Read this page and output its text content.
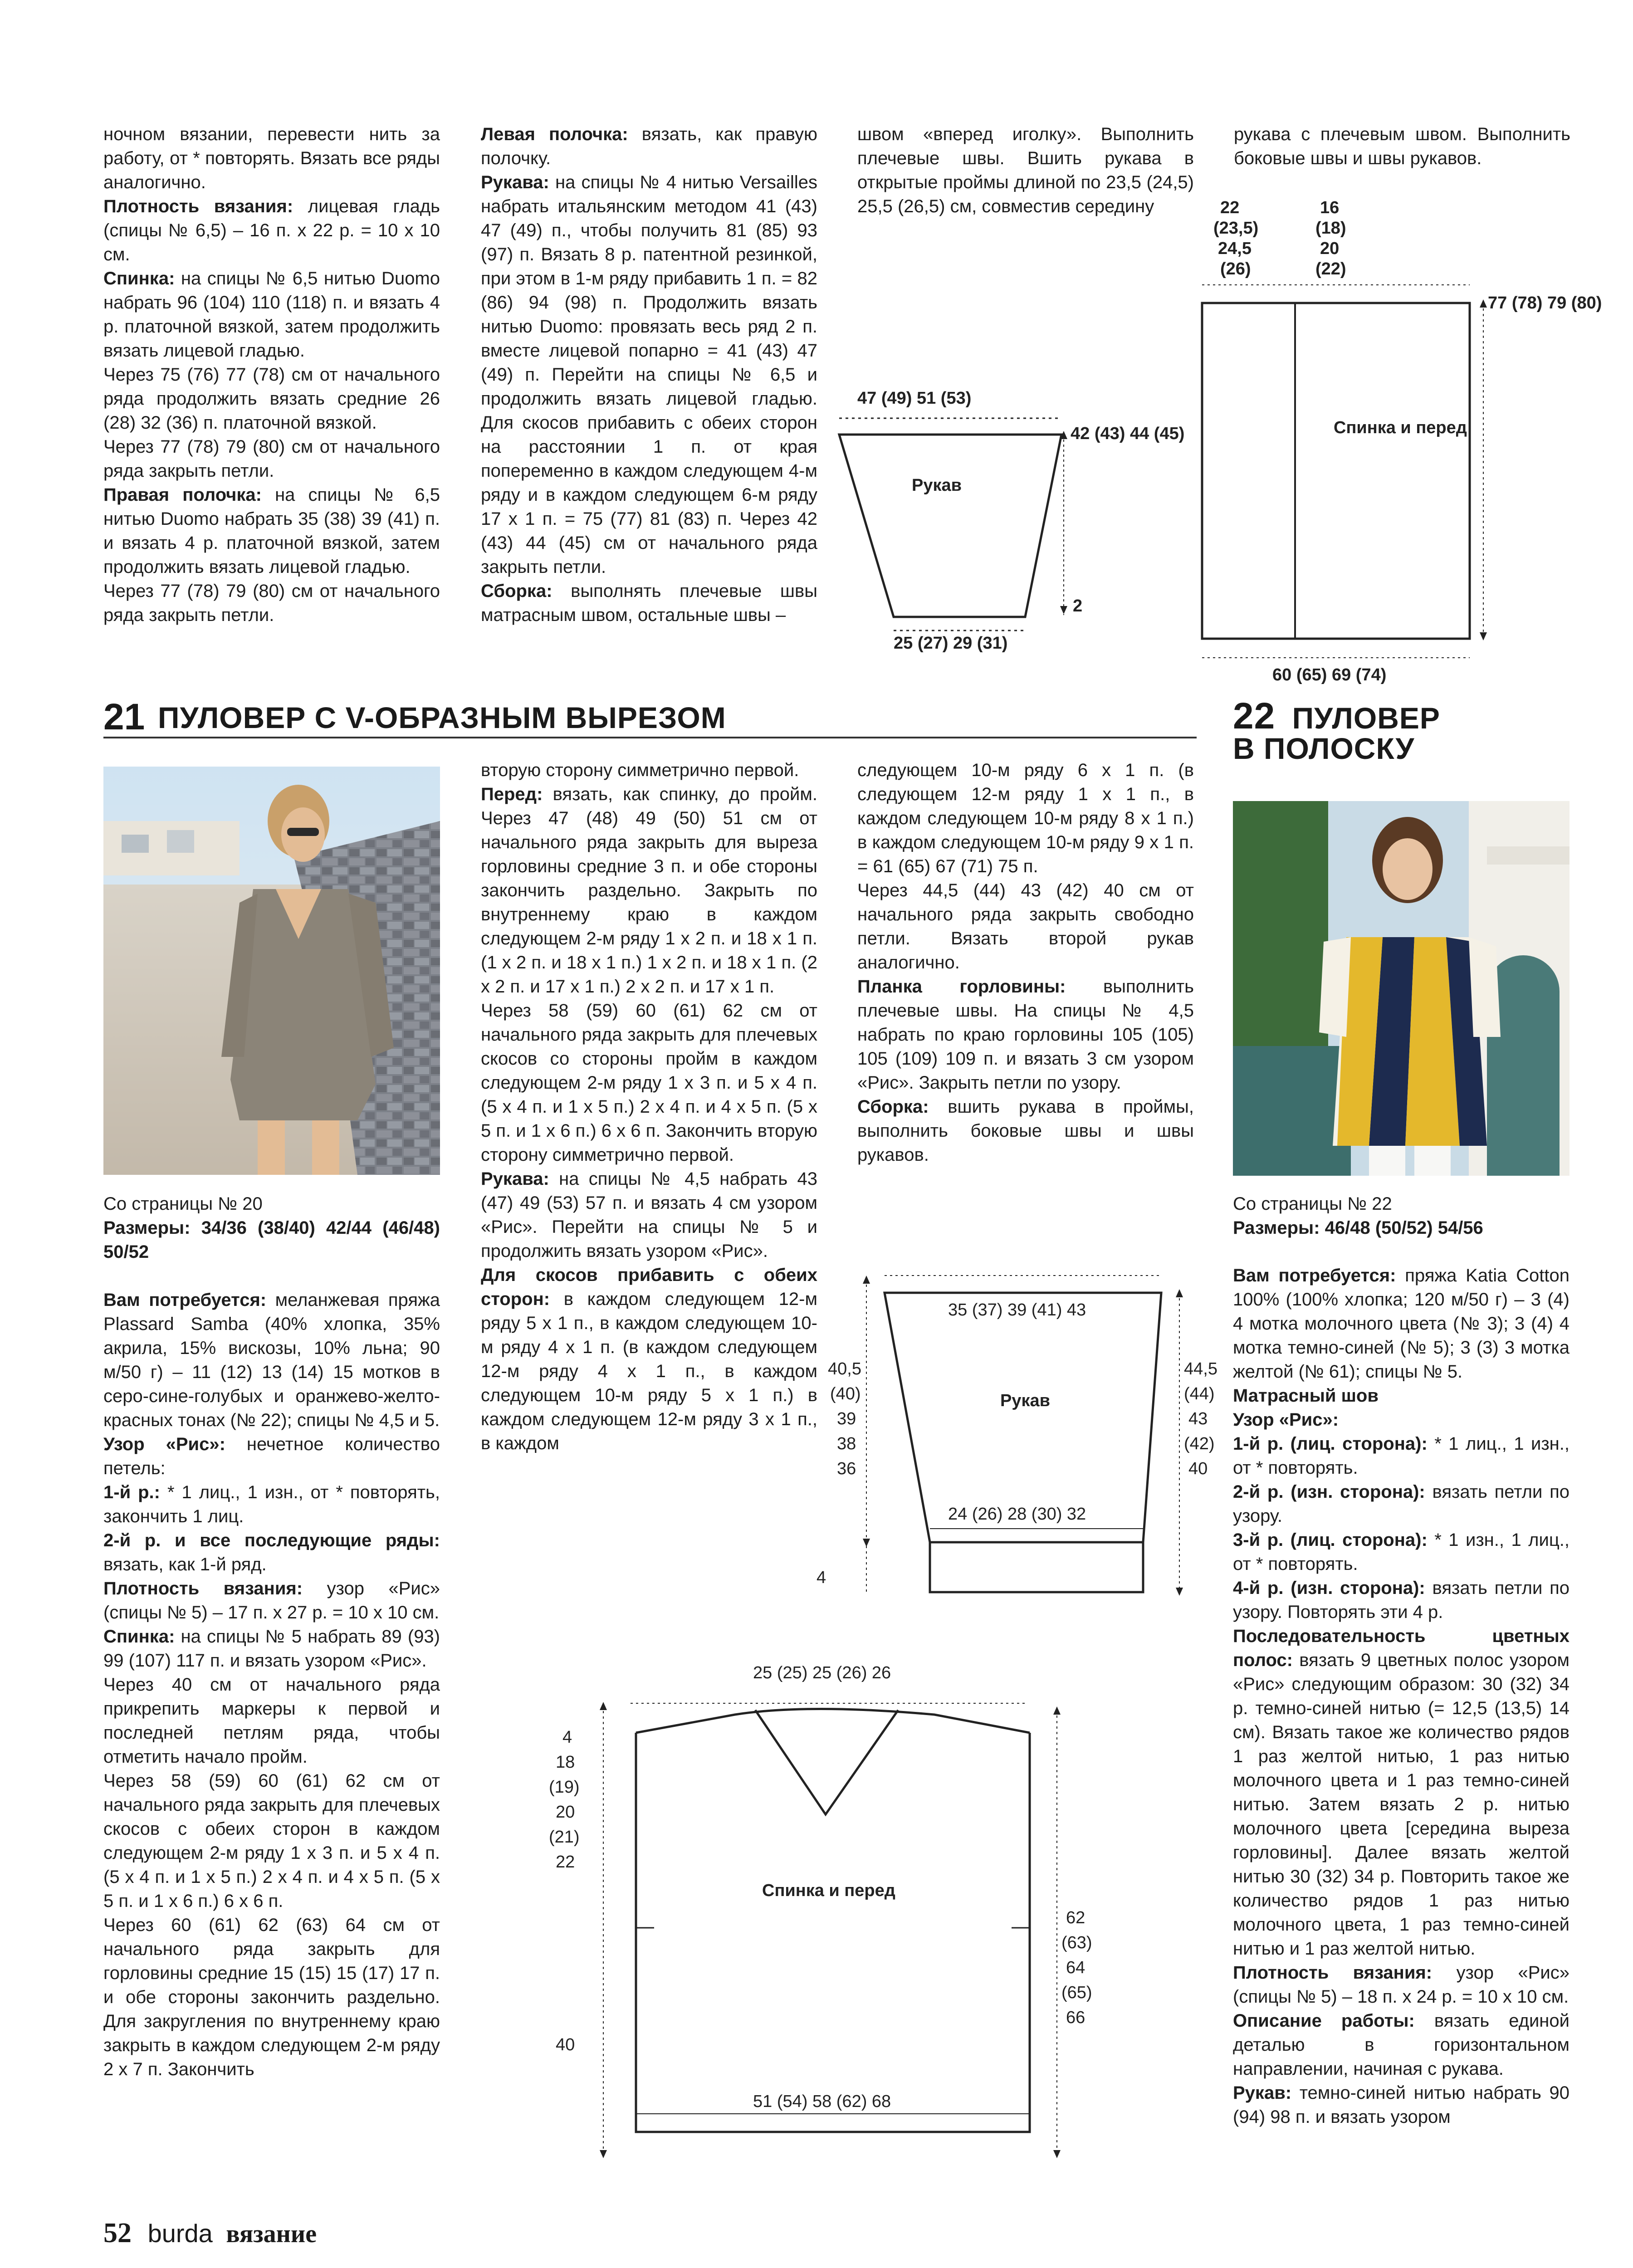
ночном вязании, перевести нить за работу, от * повторять. Вязать все ряды аналогично.

Плотность вязания: лицевая гладь (спицы № 6,5) – 16 п. х 22 р. = 10 х 10 см.

Спинка: на спицы № 6,5 нитью Duomo набрать 96 (104) 110 (118) п. и вязать 4 р. платочной вязкой, затем продолжить вязать лицевой гладью.

Через 75 (76) 77 (78) см от начального ряда продолжить вязать средние 26 (28) 32 (36) п. платочной вязкой.

Через 77 (78) 79 (80) см от начального ряда закрыть петли.

Правая полочка: на спицы № 6,5 нитью Duomo набрать 35 (38) 39 (41) п. и вязать 4 р. платочной вязкой, затем продолжить вязать лицевой гладью.

Через 77 (78) 79 (80) см от начального ряда закрыть петли.

Левая полочка: вязать, как правую полочку.

Рукава: на спицы № 4 нитью Versailles набрать итальянским методом 41 (43) 47 (49) п., чтобы получить 81 (85) 93 (97) п. Вязать 8 р. патентной резинкой, при этом в 1-м ряду прибавить 1 п. = 82 (86) 94 (98) п. Продолжить вязать нитью Duomo: провязать весь ряд 2 п. вместе лицевой попарно = 41 (43) 47 (49) п. Перейти на спицы № 6,5 и продолжить вязать лицевой гладью. Для скосов прибавить с обеих сторон на расстоянии 1 п. от края попеременно в каждом следующем 4-м ряду и в каждом следующем 6-м ряду 17 х 1 п. = 75 (77) 81 (83) п. Через 42 (43) 44 (45) см от начального ряда закрыть петли.

Сборка: выполнять плечевые швы матрасным швом, остальные швы –

швом «вперед иголку». Выполнить плечевые швы. Вшить рукава в открытые проймы длиной по 23,5 (24,5) 25,5 (26,5) см, совместив середину

рукава с плечевым швом. Выполнить боковые швы и швы рукавов.

47 (49) 51 (53)
Рукав
42 (43) 44 (45)
2
25 (27) 29 (31)
22
(23,5)
24,5
(26)
16
(18)
20
(22)
77 (78) 79 (80)
Спинка и перед
60 (65) 69 (74)
21 ПУЛОВЕР С V-ОБРАЗНЫМ ВЫРЕЗОМ	22 ПУЛОВЕР
В ПОЛОСКУ
Со страницы № 20
Размеры: 34/36 (38/40) 42/44 (46/48) 50/52

Вам потребуется: меланжевая пряжа Plassard Samba (40% хлопка, 35% акрила, 15% вискозы, 10% льна; 90 м/50 г) – 11 (12) 13 (14) 15 мотков в серо-сине-голубых и оранжево-желто-красных тонах (№ 22); спицы № 4,5 и 5.

Узор «Рис»: нечетное количество петель:

1-й р.: * 1 лиц., 1 изн., от * повторять, закончить 1 лиц.

2-й р. и все последующие ряды: вязать, как 1-й ряд.

Плотность вязания: узор «Рис» (спицы № 5) – 17 п. х 27 р. = 10 х 10 см.

Спинка: на спицы № 5 набрать 89 (93) 99 (107) 117 п. и вязать узором «Рис».

Через 40 см от начального ряда прикрепить маркеры к первой и последней петлям ряда, чтобы отметить начало пройм.

Через 58 (59) 60 (61) 62 см от начального ряда закрыть для плечевых скосов с обеих сторон в каждом следующем 2-м ряду 1 х 3 п. и 5 х 4 п. (5 х 4 п. и 1 х 5 п.) 2 х 4 п. и 4 х 5 п. (5 х 5 п. и 1 х 6 п.) 6 х 6 п.

Через 60 (61) 62 (63) 64 см от начального ряда закрыть для горловины средние 15 (15) 15 (17) 17 п. и обе стороны закончить раздельно. Для закругления по внутреннему краю закрыть в каждом следующем 2-м ряду 2 х 7 п. Закончить

вторую сторону симметрично первой.

Перед: вязать, как спинку, до пройм. Через 47 (48) 49 (50) 51 см от начального ряда закрыть для выреза горловины средние 3 п. и обе стороны закончить раздельно. Закрыть по внутреннему краю в каждом следующем 2-м ряду 1 х 2 п. и 18 х 1 п. (1 х 2 п. и 18 х 1 п.) 1 х 2 п. и 18 х 1 п. (2 х 2 п. и 17 х 1 п.) 2 х 2 п. и 17 х 1 п.

Через 58 (59) 60 (61) 62 см от начального ряда закрыть для плечевых скосов со стороны пройм в каждом следующем 2-м ряду 1 х 3 п. и 5 х 4 п. (5 х 4 п. и 1 х 5 п.) 2 х 4 п. и 4 х 5 п. (5 х 5 п. и 1 х 6 п.) 6 х 6 п. Закончить вторую сторону симметрично первой.

Рукава: на спицы № 4,5 набрать 43 (47) 49 (53) 57 п. и вязать 4 см узором «Рис». Перейти на спицы № 5 и продолжить вязать узором «Рис».

Для скосов прибавить с обеих сторон: в каждом следующем 12-м ряду 5 х 1 п., в каждом следующем 10-м ряду 4 х 1 п. (в каждом следующем 12-м ряду 4 х 1 п., в каждом следующем 10-м ряду 5 х 1 п.) в каждом следующем 12-м ряду 3 х 1 п., в каждом

следующем 10-м ряду 6 х 1 п. (в следующем 12-м ряду 1 х 1 п., в каждом следующем 10-м ряду 8 х 1 п.) в каждом следующем 10-м ряду 9 х 1 п. = 61 (65) 67 (71) 75 п.

Через 44,5 (44) 43 (42) 40 см от начального ряда закрыть свободно петли. Вязать второй рукав аналогично.

Планка горловины: выполнить плечевые швы. На спицы № 4,5 набрать по краю горловины 105 (105) 105 (109) 109 п. и вязать 3 см узором «Рис». Закрыть петли по узору.

Сборка: вшить рукава в проймы, выполнить боковые швы и швы рукавов.

35 (37) 39 (41) 43
Рукав
24 (26) 28 (30) 32
40,5
(40)
39
38
36
4
44,5
(44)
43
(42)
40
25 (25) 25 (26) 26
Спинка и перед
4
18
(19)
20
(21)
22
40
62
(63)
64
(65)
66
51 (54) 58 (62) 68
Со страницы № 22
Размеры: 46/48 (50/52) 54/56

Вам потребуется: пряжа Katia Cotton 100% (100% хлопка; 120 м/50 г) – 3 (4) 4 мотка молочного цвета (№ 3); 3 (4) 4 мотка темно-синей (№ 5); 3 (3) 3 мотка желтой (№ 61); спицы № 5.

Матрасный шов

Узор «Рис»:

1-й р. (лиц. сторона): * 1 лиц., 1 изн., от * повторять.

2-й р. (изн. сторона): вязать петли по узору.

3-й р. (лиц. сторона): * 1 изн., 1 лиц., от * повторять.

4-й р. (изн. сторона): вязать петли по узору. Повторять эти 4 р.

Последовательность цветных полос: вязать 9 цветных полос узором «Рис» следующим образом: 30 (32) 34 р. темно-синей нитью (= 12,5 (13,5) 14 см). Вязать такое же количество рядов 1 раз желтой нитью, 1 раз нитью молочного цвета и 1 раз темно-синей нитью. Затем вязать 2 р. нитью молочного цвета [середина выреза горловины]. Далее вязать желтой нитью 30 (32) 34 р. Повторить такое же количество рядов 1 раз нитью молочного цвета, 1 раз темно-синей нитью и 1 раз желтой нитью.

Плотность вязания: узор «Рис» (спицы № 5) – 18 п. х 24 р. = 10 х 10 см.

Описание работы: вязать единой деталью в горизонтальном направлении, начиная с рукава.

Рукав: темно-синей нитью набрать 90 (94) 98 п. и вязать узором

52 burda вязание
